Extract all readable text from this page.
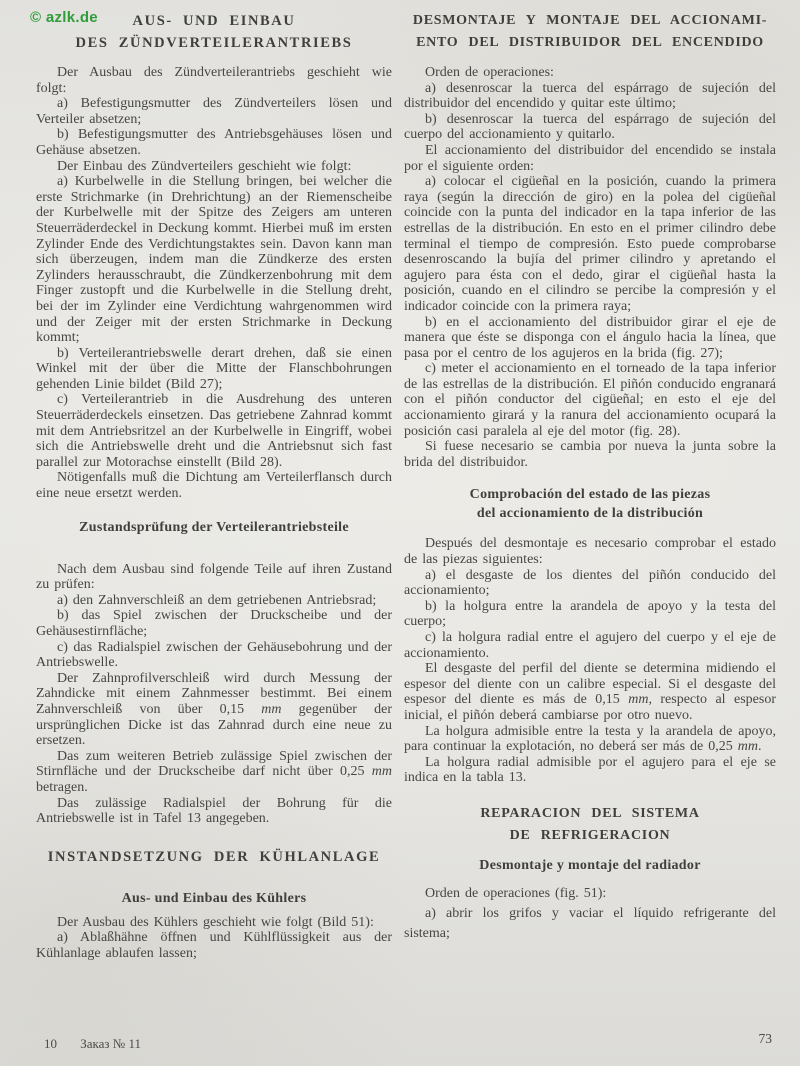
© azlk.de	AUS- UND EINBAU
DES ZÜNDVERTEILERANTRIEBS

Der Ausbau des Zündverteilerantriebs geschieht wie folgt:

a) Befestigungsmutter des Zündverteilers lösen und Verteiler absetzen;

b) Befestigungsmutter des Antriebsgehäuses lösen und Gehäuse absetzen.

Der Einbau des Zündverteilers geschieht wie folgt:

a) Kurbelwelle in die Stellung bringen, bei welcher die erste Strichmarke (in Drehrichtung) an der Riemenscheibe der Kurbelwelle mit der Spitze des Zeigers am unteren Steuerräderdeckel in Deckung kommt. Hierbei muß im ersten Zylinder Ende des Verdichtungstaktes sein. Davon kann man sich überzeugen, indem man die Zündkerze des ersten Zylinders herausschraubt, die Zündkerzenbohrung mit dem Finger zustopft und die Kurbelwelle in die Stellung dreht, bei der im Zylinder eine Verdichtung wahrgenommen wird und der Zeiger mit der ersten Strichmarke in Deckung kommt;

b) Verteilerantriebswelle derart drehen, daß sie einen Winkel mit der über die Mitte der Flanschbohrungen gehenden Linie bildet (Bild 27);

c) Verteilerantrieb in die Ausdrehung des unteren Steuerräderdeckels einsetzen. Das getriebene Zahnrad kommt mit dem Antriebsritzel an der Kurbelwelle in Eingriff, wobei sich die Antriebswelle dreht und die Antriebsnut sich fast parallel zur Motorachse einstellt (Bild 28).

Nötigenfalls muß die Dichtung am Verteilerflansch durch eine neue ersetzt werden.

Zustandsprüfung der Verteilerantriebsteile

Nach dem Ausbau sind folgende Teile auf ihren Zustand zu prüfen:

a) den Zahnverschleiß an dem getriebenen Antriebsrad;

b) das Spiel zwischen der Druckscheibe und der Gehäusestirnfläche;

c) das Radialspiel zwischen der Gehäusebohrung und der Antriebswelle.

Der Zahnprofilverschleiß wird durch Messung der Zahndicke mit einem Zahnmesser bestimmt. Bei einem Zahnverschleiß von über 0,15 mm gegenüber der ursprünglichen Dicke ist das Zahnrad durch eine neue zu ersetzen.

Das zum weiteren Betrieb zulässige Spiel zwischen der Stirnfläche und der Druckscheibe darf nicht über 0,25 mm betragen.

Das zulässige Radialspiel der Bohrung für die Antriebswelle ist in Tafel 13 angegeben.

INSTANDSETZUNG DER KÜHLANLAGE
Aus- und Einbau des Kühlers

Der Ausbau des Kühlers geschieht wie folgt (Bild 51):

a) Ablaßhähne öffnen und Kühlflüssigkeit aus der Kühlanlage ablaufen lassen;

DESMONTAJE Y MONTAJE DEL ACCIONAMI-
ENTO DEL DISTRIBUIDOR DEL ENCENDIDO

Orden de operaciones:

a) desenroscar la tuerca del espárrago de sujeción del distribuidor del encendido y quitar este último;

b) desenroscar la tuerca del espárrago de sujeción del cuerpo del accionamiento y quitarlo.

El accionamiento del distribuidor del encendido se instala por el siguiente orden:

a) colocar el cigüeñal en la posición, cuando la primera raya (según la dirección de giro) en la polea del cigüeñal coincide con la punta del indicador en la tapa inferior de las estrellas de la distribución. En esto en el primer cilindro debe terminal el tiempo de compresión. Esto puede comprobarse desenroscando la bujía del primer cilindro y apretando el agujero para ésta con el dedo, girar el cigüeñal hasta la posición, cuando en el cilindro se percibe la compresión y el indicador coincide con la primera raya;

b) en el accionamiento del distribuidor girar el eje de manera que éste se disponga con el ángulo hacia la línea, que pasa por el centro de los agujeros en la brida (fig. 27);

c) meter el accionamiento en el torneado de la tapa inferior de las estrellas de la distribución. El piñón conducido engranará con el piñón conductor del cigüeñal; en esto el eje del accionamiento girará y la ranura del accionamiento ocupará la posición casi paralela al eje del motor (fig. 28).

Si fuese necesario se cambia por nueva la junta sobre la brida del distribuidor.

Comprobación del estado de las piezas
del accionamiento de la distribución

Después del desmontaje es necesario comprobar el estado de las piezas siguientes:

a) el desgaste de los dientes del piñón conducido del accionamiento;

b) la holgura entre la arandela de apoyo y la testa del cuerpo;

c) la holgura radial entre el agujero del cuerpo y el eje de accionamiento.

El desgaste del perfil del diente se determina midiendo el espesor del diente con un calibre especial. Si el desgaste del espesor del diente es más de 0,15 mm, respecto al espesor inicial, el piñón deberá cambiarse por otro nuevo.

La holgura admisible entre la testa y la arandela de apoyo, para continuar la explotación, no deberá ser más de 0,25 mm.

La holgura radial admisible por el agujero para el eje se indica en la tabla 13.

REPARACION DEL SISTEMA
DE REFRIGERACION
Desmontaje y montaje del radiador

Orden de operaciones (fig. 51):

a) abrir los grifos y vaciar el líquido refrigerante del sistema;

10 Заказ № 11	73
